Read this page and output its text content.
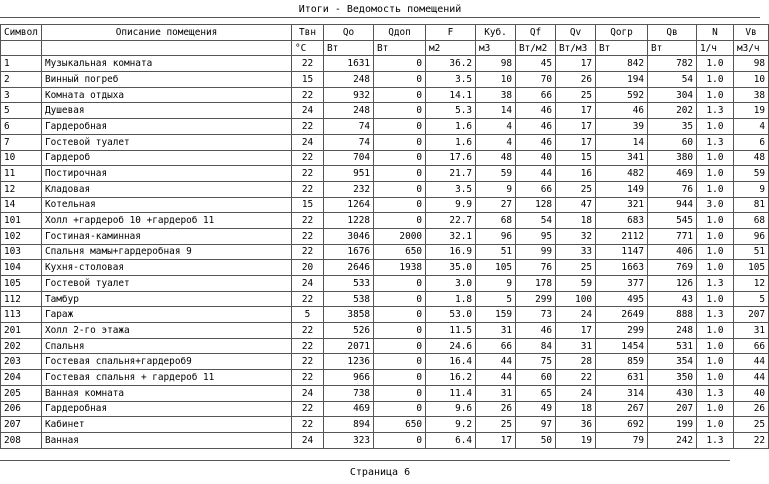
Итоги - Ведомость помещений
Символ	Описание помещения	Tвн	Qo	Qдоп	F	Куб.	Qf	Qv	Qогр	Qв	N	Vв
		°C	Вт	Вт	м2	м3	Вт/м2	Вт/м3	Вт	Вт	1/ч	м3/ч
1	Музыкальная комната	22	1631	0	36.2	98	45	17	842	782	1.0	98
2	Винный погреб	15	248	0	3.5	10	70	26	194	54	1.0	10
3	Комната отдыха	22	932	0	14.1	38	66	25	592	304	1.0	38
5	Душевая	24	248	0	5.3	14	46	17	46	202	1.3	19
6	Гардеробная	22	74	0	1.6	4	46	17	39	35	1.0	4
7	Гостевой туалет	24	74	0	1.6	4	46	17	14	60	1.3	6
10	Гардероб	22	704	0	17.6	48	40	15	341	380	1.0	48
11	Постирочная	22	951	0	21.7	59	44	16	482	469	1.0	59
12	Кладовая	22	232	0	3.5	9	66	25	149	76	1.0	9
14	Котельная	15	1264	0	9.9	27	128	47	321	944	3.0	81
101	Холл +гардероб 10 +гардероб 11	22	1228	0	22.7	68	54	18	683	545	1.0	68
102	Гостиная-каминная	22	3046	2000	32.1	96	95	32	2112	771	1.0	96
103	Спальня мамы+гардеробная 9	22	1676	650	16.9	51	99	33	1147	406	1.0	51
104	Кухня-столовая	20	2646	1938	35.0	105	76	25	1663	769	1.0	105
105	Гостевой туалет	24	533	0	3.0	9	178	59	377	126	1.3	12
112	Тамбур	22	538	0	1.8	5	299	100	495	43	1.0	5
113	Гараж	5	3858	0	53.0	159	73	24	2649	888	1.3	207
201	Холл 2-го этажа	22	526	0	11.5	31	46	17	299	248	1.0	31
202	Спальня	22	2071	0	24.6	66	84	31	1454	531	1.0	66
203	Гостевая спальня+гардероб9	22	1236	0	16.4	44	75	28	859	354	1.0	44
204	Гостевая спальня + гардероб 11	22	966	0	16.2	44	60	22	631	350	1.0	44
205	Ванная комната	24	738	0	11.4	31	65	24	314	430	1.3	40
206	Гардеробная	22	469	0	9.6	26	49	18	267	207	1.0	26
207	Кабинет	22	894	650	9.2	25	97	36	692	199	1.0	25
208	Ванная	24	323	0	6.4	17	50	19	79	242	1.3	22
Страница 6
